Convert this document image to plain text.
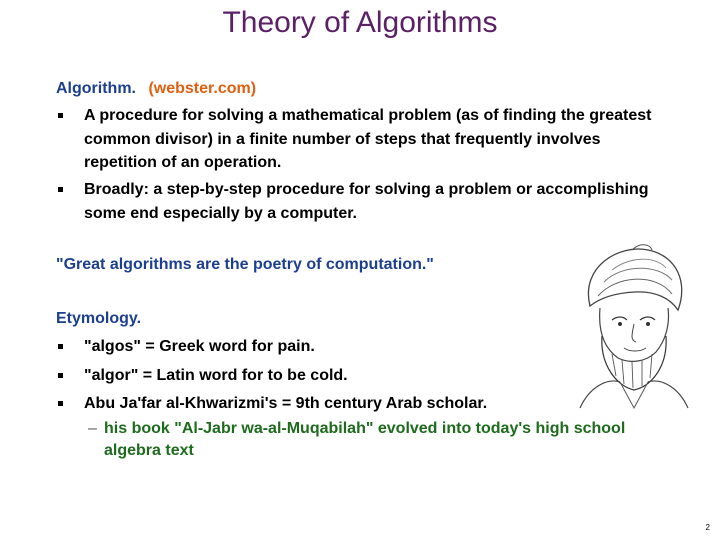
Theory of Algorithms
Algorithm. (webster.com)
A procedure for solving a mathematical problem (as of finding the greatest common divisor) in a finite number of steps that frequently involves repetition of an operation.
Broadly: a step-by-step procedure for solving a problem or accomplishing some end especially by a computer.
"Great algorithms are the poetry of computation."
Etymology.
"algos" = Greek word for pain.
"algor" = Latin word for to be cold.
Abu Ja'far al-Khwarizmi's = 9th century Arab scholar.
– his book "Al-Jabr wa-al-Muqabilah" evolved into today's high school algebra text
2
